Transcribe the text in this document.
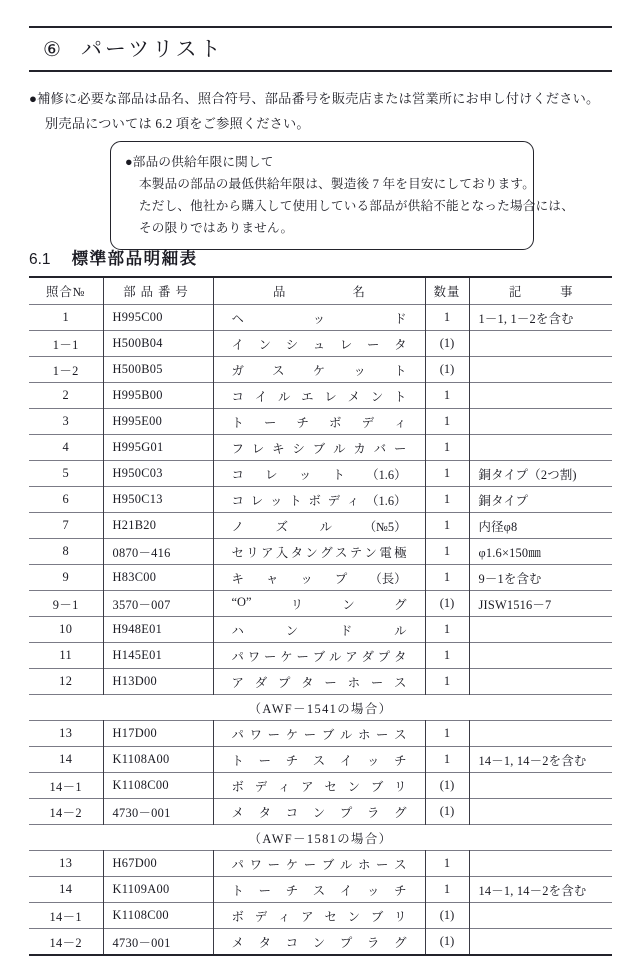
⑥ パーツリスト
●補修に必要な部品は品名、照合符号、部品番号を販売店または営業所にお申し付けください。
別売品については 6.2 項をご参照ください。
●部品の供給年限に関して
本製品の部品の最低供給年限は、製造後 7 年を目安にしております。
ただし、他社から購入して使用している部品が供給不能となった場合には、
その限りではありません。
6.1 標準部品明細表
照合№	部品番号	品 名	数量	記 事

1	H995C00	ヘ ッ ド	1	1－1, 1－2を含む
1－1	H500B04	イ ン シ ュ レ ー タ	(1)	
1－2	H500B05	ガ ス ケ ッ ト	(1)	
2	H995B00	コ イ ル エ レ メ ン ト	1	
3	H995E00	ト ー チ ボ デ ィ	1	
4	H995G01	フ レ キ シ ブ ル カ バ ー	1	
5	H950C03	コ レ ッ ト （1.6）	1	銅タイプ（2つ割)
6	H950C13	コ レ ッ ト ボ デ ィ （1.6）	1	銅タイプ
7	H21B20	ノ ズ ル （№5）	1	内径φ8
8	0870－416	セ リ ア 入 タ ン グ ス テ ン 電 極	1	φ1.6×150㎜
9	H83C00	キ ャ ッ プ （長）	1	9－1を含む
9－1	3570－007	“O” リ ン グ	(1)	JISW1516－7
10	H948E01	ハ ン ド ル	1	
11	H145E01	パ ワ ー ケ ー ブ ル ア ダ プ タ	1	
12	H13D00	ア ダ プ タ ー ホ ー ス	1	
（AWF－1541の場合）				
13	H17D00	パ ワ ー ケ ー ブ ル ホ ー ス	1	
14	K1108A00	ト ー チ ス イ ッ チ	1	14－1, 14－2を含む
14－1	K1108C00	ボ デ ィ ア セ ン ブ リ	(1)	
14－2	4730－001	メ タ コ ン プ ラ グ	(1)	
（AWF－1581の場合）				
13	H67D00	パ ワ ー ケ ー ブ ル ホ ー ス	1	
14	K1109A00	ト ー チ ス イ ッ チ	1	14－1, 14－2を含む
14－1	K1108C00	ボ デ ィ ア セ ン ブ リ	(1)	
14－2	4730－001	メ タ コ ン プ ラ グ	(1)	
